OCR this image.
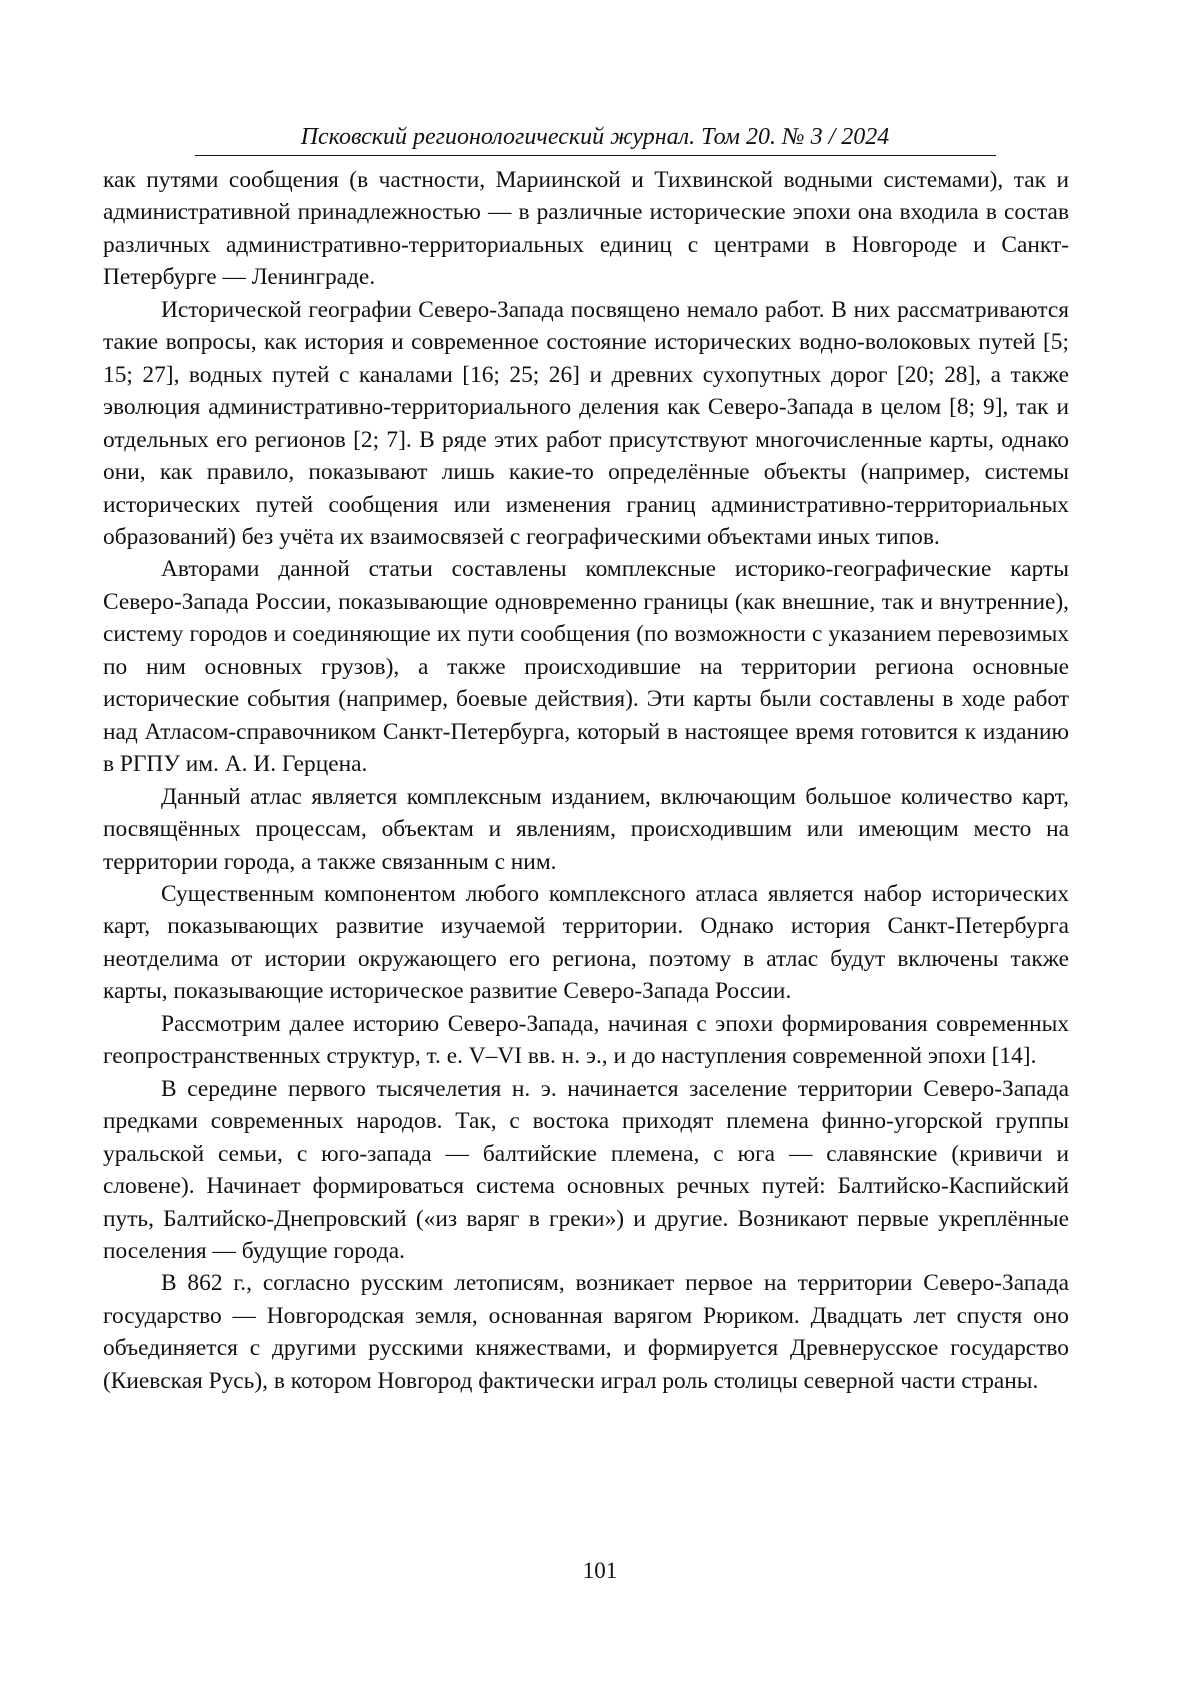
Псковский регионологический журнал. Том 20. № 3 / 2024

как путями сообщения (в частности, Мариинской и Тихвинской водными системами), так и административной принадлежностью — в различные исторические эпохи она входила в состав различных административно-территориальных единиц с центрами в Новгороде и Санкт-Петербурге — Ленинграде.

Исторической географии Северо-Запада посвящено немало работ. В них рассматриваются такие вопросы, как история и современное состояние исторических водно-волоковых путей [5; 15; 27], водных путей с каналами [16; 25; 26] и древних сухопутных дорог [20; 28], а также эволюция административно-территориального деления как Северо-Запада в целом [8; 9], так и отдельных его регионов [2; 7]. В ряде этих работ присутствуют многочисленные карты, однако они, как правило, показывают лишь какие-то определённые объекты (например, системы исторических путей сообщения или изменения границ административно-территориальных образований) без учёта их взаимосвязей с географическими объектами иных типов.

Авторами данной статьи составлены комплексные историко-географические карты Северо-Запада России, показывающие одновременно границы (как внешние, так и внутренние), систему городов и соединяющие их пути сообщения (по возможности с указанием перевозимых по ним основных грузов), а также происходившие на территории региона основные исторические события (например, боевые действия). Эти карты были составлены в ходе работ над Атласом-справочником Санкт-Петербурга, который в настоящее время готовится к изданию в РГПУ им. А. И. Герцена.

Данный атлас является комплексным изданием, включающим большое количество карт, посвящённых процессам, объектам и явлениям, происходившим или имеющим место на территории города, а также связанным с ним.

Существенным компонентом любого комплексного атласа является набор исторических карт, показывающих развитие изучаемой территории. Однако история Санкт-Петербурга неотделима от истории окружающего его региона, поэтому в атлас будут включены также карты, показывающие историческое развитие Северо-Запада России.

Рассмотрим далее историю Северо-Запада, начиная с эпохи формирования современных геопространственных структур, т. е. V–VI вв. н. э., и до наступления современной эпохи [14].

В середине первого тысячелетия н. э. начинается заселение территории Северо-Запада предками современных народов. Так, с востока приходят племена финно-угорской группы уральской семьи, с юго-запада — балтийские племена, с юга — славянские (кривичи и словене). Начинает формироваться система основных речных путей: Балтийско-Каспийский путь, Балтийско-Днепровский («из варяг в греки») и другие. Возникают первые укреплённые поселения — будущие города.

В 862 г., согласно русским летописям, возникает первое на территории Северо-Запада государство — Новгородская земля, основанная варягом Рюриком. Двадцать лет спустя оно объединяется с другими русскими княжествами, и формируется Древнерусское государство (Киевская Русь), в котором Новгород фактически играл роль столицы северной части страны.

101
